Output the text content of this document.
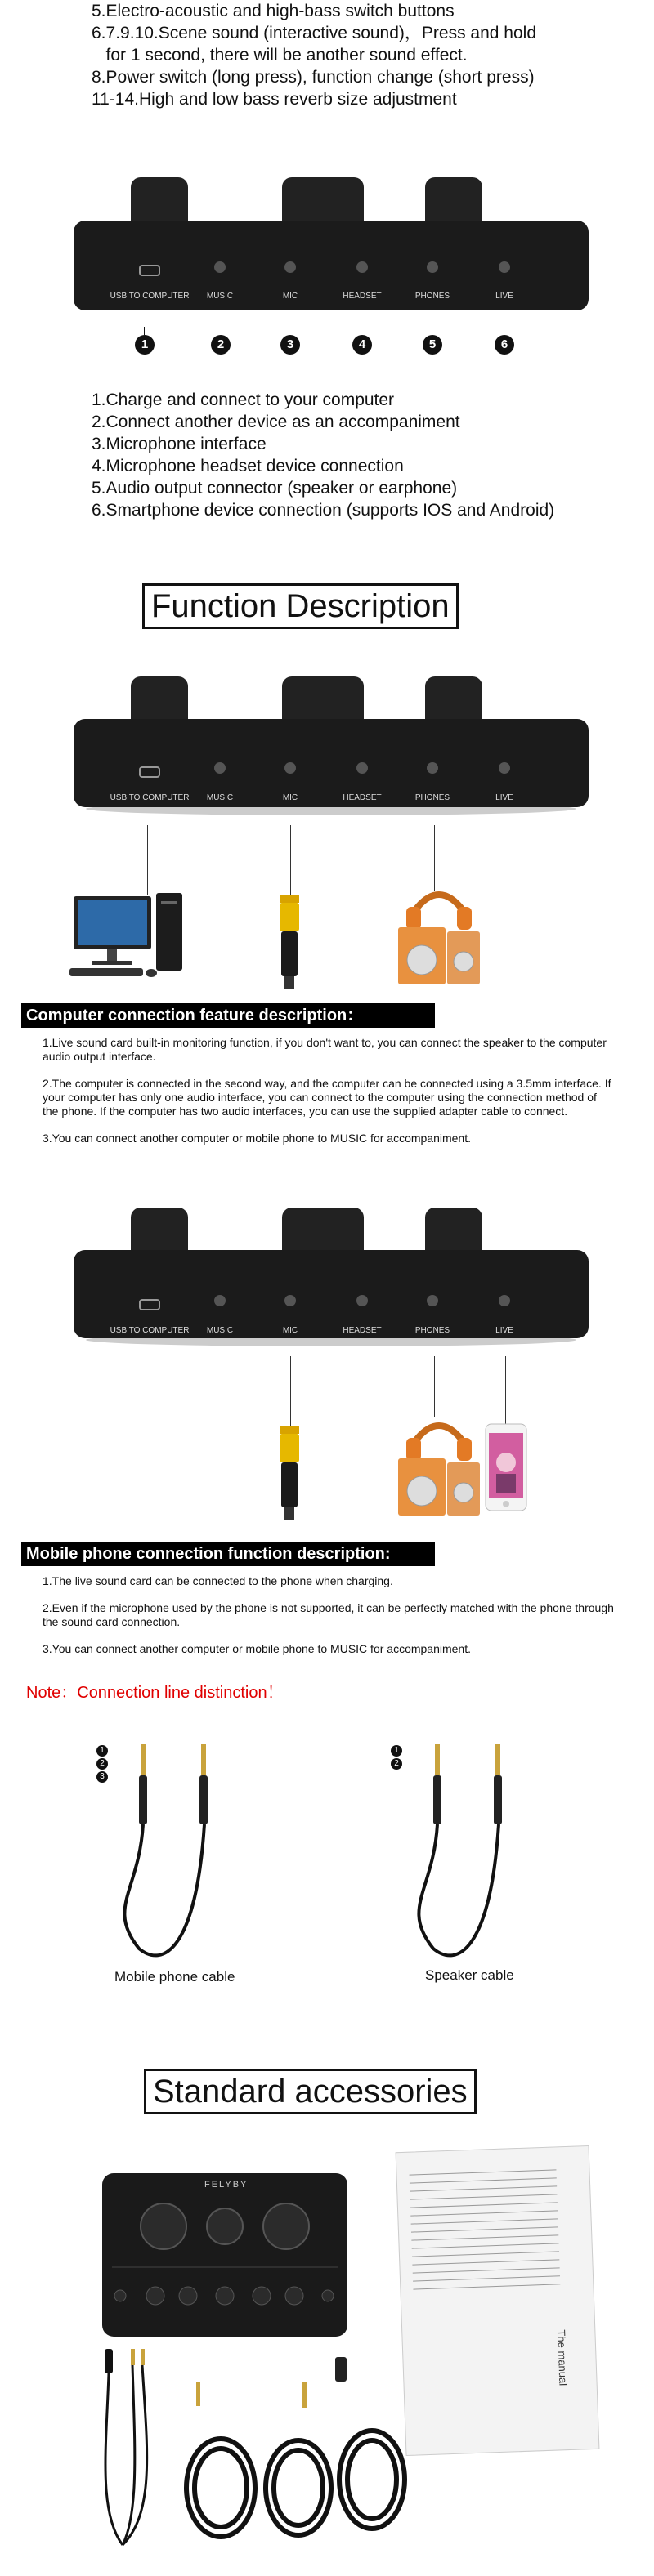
5.Electro-acoustic and high-bass switch buttons
6.7.9.10.Scene sound (interactive sound)，Press and hold
for 1 second, there will be another sound effect.
8.Power switch (long press), function change (short press)
11-14.High and low bass reverb size adjustment
USB TO COMPUTER	MUSIC	MIC	HEADSET	PHONES	LIVE
1	2	3	4	5	6
1.Charge and connect to your computer
2.Connect another device as an accompaniment
3.Microphone interface
4.Microphone headset device connection
5.Audio output connector (speaker or earphone)
6.Smartphone device connection (supports IOS and Android)
Function Description
USB TO COMPUTER	MUSIC	MIC	HEADSET	PHONES	LIVE
Computer connection feature description：

1.Live sound card built-in monitoring function, if you don't want to, you can connect the speaker to the computer audio output interface.

2.The computer is connected in the second way, and the computer can be connected using a 3.5mm interface. If your computer has only one audio interface, you can connect to the computer using the connection method of the phone. If the computer has two audio interfaces, you can use the supplied adapter cable to connect.

3.You can connect another computer or mobile phone to MUSIC for accompaniment.

USB TO COMPUTER	MUSIC	MIC	HEADSET	PHONES	LIVE
Mobile phone connection function description:

1.The live sound card can be connected to the phone when charging.

2.Even if the microphone used by the phone is not supported, it can be perfectly matched with the phone through the sound card connection.

3.You can connect another computer or mobile phone to MUSIC for accompaniment.

Note：Connection line distinction！
1
2
3
Mobile phone cable
1
2
Speaker cable
Standard accessories
FELYBY
The manual
